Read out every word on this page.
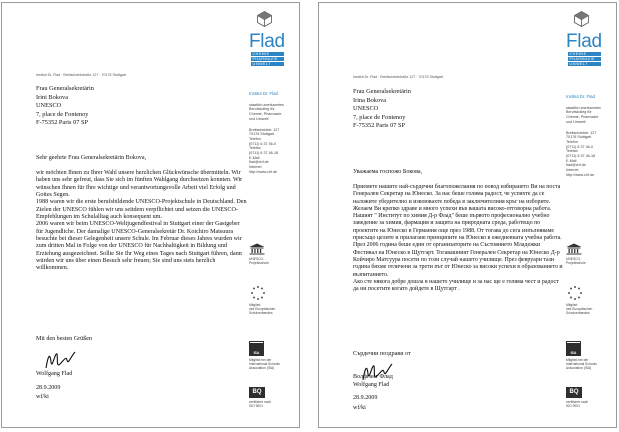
Flad
CHEMIE
PHARMAZIE
UMWELT
Institut Dr. Flad · Breitscheidstraße 127 · 70176 Stuttgart
Frau Generalsekretärin
Irini Bokova
UNESCO
7, place de Fontenoy
F-75352 Paris 07 SP
Institut Dr. Flad
staatlich anerkanntes
Berufskolleg für
Chemie, Pharmazie
und Umwelt
Breitscheidstr. 127
70176 Stuttgart
Telefon
(0711) 6 37 46-0
Telefax
(0711) 6 37 46-18
E-Mail
flad@chf.de
Internet
http://www.chf.de
Sehr geehrte Frau Generalsekretärin Bokova,
wir möchten Ihnen zu Ihrer Wahl unsere herzlichen Glückwünsche übermitteln. Wir haben uns sehr gefreut, dass Sie sich im fünften Wahlgang durchsetzen konnten. Wir wünschen Ihnen für Ihre wichtige und verantwortungsvolle Arbeit viel Erfolg und Gottes Segen.
1988 waren wir die erste berufsbildende UNESCO-Projektschule in Deutschland. Den Zielen der UNESCO fühlen wir uns seitdem verpflichtet und setzen die UNESCO-Empfehlungen im Schulalltag auch konsequent um.
2006 waren wir beim UNESCO-Weltjugendfestival in Stuttgart einer der Gastgeber für Jugendliche. Der damalige UNESCO-Generalsekretär Dr. Koichiro Matsuura besuchte bei dieser Gelegenheit unsere Schule. Im Februar dieses Jahres wurden wir zum dritten Mal in Folge von der UNESCO für Nachhaltigkeit in Bildung und Erziehung ausgezeichnet. Sollte Sie Ihr Weg eines Tages nach Stuttgart führen, dann würden wir uns über einen Besuch sehr freuen; Sie sind uns stets herzlich willkommen.
Mit den besten Grüßen
Wolfgang Flad
28.9.2009
wf/ki
UNESCO-
Projektschule
Mitglied
des Europäischen
Schulverbandes
ISA
Mitglied bei der
International Schools
Association (ISA)
BQ
zertifiziert nach
ISO 9001
Flad
CHEMIE
PHARMAZIE
UMWELT
Institut Dr. Flad · Breitscheidstraße 127 · 70176 Stuttgart
Frau Generalsekretärin
Irina Bokova
UNESCO
7, place de Fontenoy
F-75352 Paris 07 SP
Institut Dr. Flad
staatlich anerkanntes
Berufskolleg für
Chemie, Pharmazie
und Umwelt
Breitscheidstr. 127
70176 Stuttgart
Telefon
(0711) 6 37 46-0
Telefax
(0711) 6 37 46-18
E-Mail
flad@chf.de
Internet
http://www.chf.de
Уважаема госпожо Бокова,
Приемете нашите най-сърдечни благопожелания по повод избирането Ви на поста Генерален Секретар на Юнеско. За нас беше голяма радост, че успяхте да се наложите убедително и извоювахте победа в заключителния кръг на изборите. Желаем Ви крепко здраве и много успехи във вашата високо-отговорна работа.
Нашият " Институт по химия Д-р Флад" беше първото професионално учебно заведение за химия, фармация и защита на природната среда, работещо по проектите на Юнеско в Германия още през 1988. От тогава до сега изпълняваме присъщо целите и прилагане принципите на Юнеско в ежедневната учебна работа. През 2006 година беше един от организаторите на Състоянието Младежки Фестивал на Юнеско в Щутгарт. Тогавашният Генерален Секретар на Юнеско Д-р Койчиро Матсуура посети по този случай нашето училище. През февруари тази година бяхме отличени за трети път от Юнеско за високи успехи в образованието и възпитанието.
Ако сте някога добре дошла в нашето училище и за нас ще е голяма чест и радост да ни посетите когато дойдете в Щутгарт .
Сърдечни поздрави от
Волфганг Флад
Wolfgang Flad
28.9.2009
wf/ki
UNESCO-
Projektschule
Mitglied
des Europäischen
Schulverbandes
ISA
Mitglied bei der
International Schools
Association (ISA)
BQ
zertifiziert nach
ISO 9001
